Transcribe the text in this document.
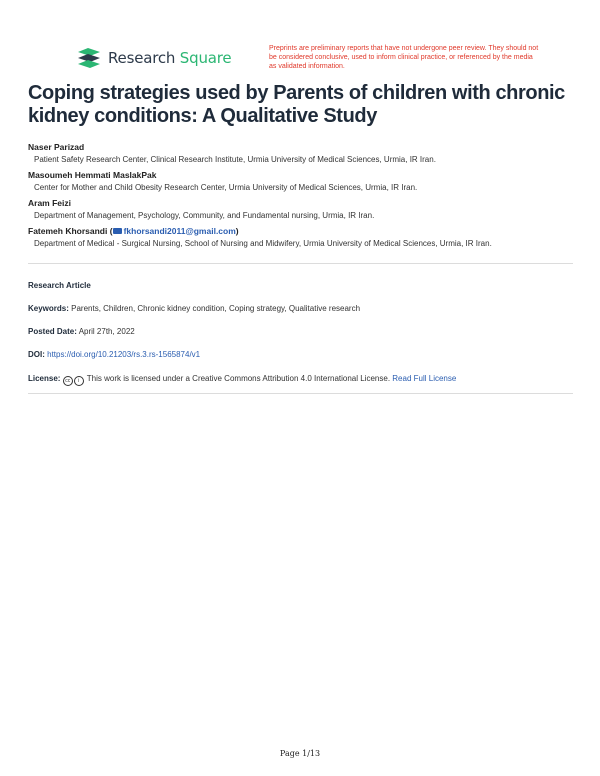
Research Square
Preprints are preliminary reports that have not undergone peer review. They should not be considered conclusive, used to inform clinical practice, or referenced by the media as validated information.
Coping strategies used by Parents of children with chronic kidney conditions: A Qualitative Study
Naser Parizad
Patient Safety Research Center, Clinical Research Institute, Urmia University of Medical Sciences, Urmia, IR Iran.
Masoumeh Hemmati MaslakPak
Center for Mother and Child Obesity Research Center, Urmia University of Medical Sciences, Urmia, IR Iran.
Aram Feizi
Department of Management, Psychology, Community, and Fundamental nursing, Urmia, IR Iran.
Fatemeh Khorsandi ( fkhorsandi2011@gmail.com)
Department of Medical - Surgical Nursing, School of Nursing and Midwifery, Urmia University of Medical Sciences, Urmia, IR Iran.
Research Article
Keywords: Parents, Children, Chronic kidney condition, Coping strategy, Qualitative research
Posted Date: April 27th, 2022
DOI: https://doi.org/10.21203/rs.3.rs-1565874/v1
License: cc i This work is licensed under a Creative Commons Attribution 4.0 International License. Read Full License
Page 1/13
